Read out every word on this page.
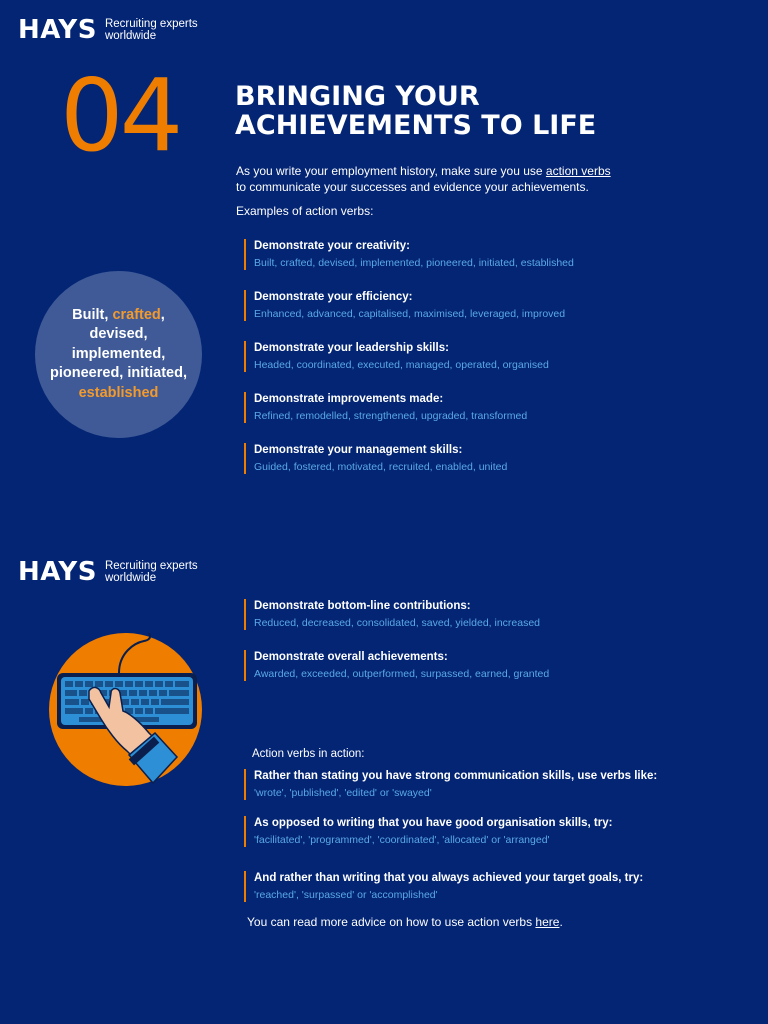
HAYS Recruiting experts
worldwide
04 BRINGING YOUR
ACHIEVEMENTS TO LIFE
As you write your employment history, make sure you use action verbs to communicate your successes and evidence your achievements.
Examples of action verbs:
Built, crafted,
devised,
implemented,
pioneered, initiated,
established
Demonstrate your creativity:
Built, crafted, devised, implemented, pioneered, initiated, established
Demonstrate your efficiency:
Enhanced, advanced, capitalised, maximised, leveraged, improved
Demonstrate your leadership skills:
Headed, coordinated, executed, managed, operated, organised
Demonstrate improvements made:
Refined, remodelled, strengthened, upgraded, transformed
Demonstrate your management skills:
Guided, fostered, motivated, recruited, enabled, united
HAYS Recruiting experts
worldwide
Demonstrate bottom-line contributions:
Reduced, decreased, consolidated, saved, yielded, increased
Demonstrate overall achievements:
Awarded, exceeded, outperformed, surpassed, earned, granted
Action verbs in action:
Rather than stating you have strong communication skills, use verbs like:
'wrote', 'published', 'edited' or 'swayed'
As opposed to writing that you have good organisation skills, try:
'facilitated', 'programmed', 'coordinated', 'allocated' or 'arranged'
And rather than writing that you always achieved your target goals, try:
'reached', 'surpassed' or 'accomplished'
You can read more advice on how to use action verbs here.
